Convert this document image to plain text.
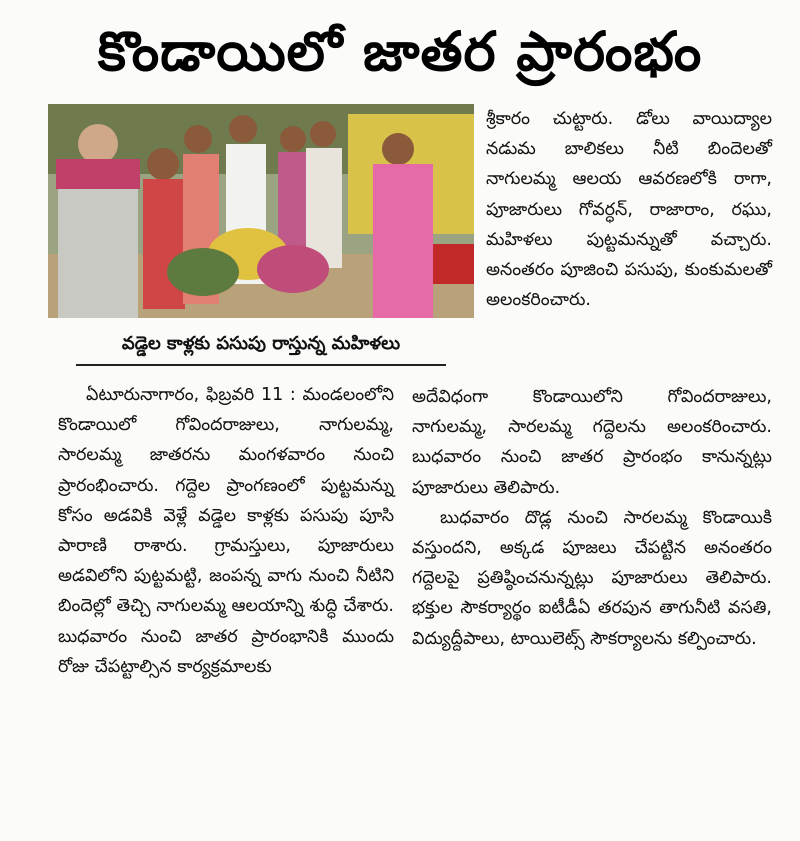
కొండాయిలో జాతర ప్రారంభం
వడ్డెల కాళ్లకు పసుపు రాస్తున్న మహిళలు

శ్రీకారం చుట్టారు. డోలు వాయిద్యాల నడుమ బాలికలు నీటి బిందెలతో నాగులమ్మ ఆలయ ఆవరణలోకి రాగా, పూజారులు గోవర్ధన్, రాజారాం, రఘు, మహిళలు పుట్టమన్నుతో వచ్చారు. అనంతరం పూజించి పసుపు, కుంకుమలతో అలంకరించారు.

ఏటూరునాగారం, ఫిబ్రవరి 11 : మండలంలోని కొండాయిలో గోవిందరాజులు, నాగులమ్మ, సారలమ్మ జాతరను మంగళవారం నుంచి ప్రారంభించారు. గద్దెల ప్రాంగణంలో పుట్టమన్ను కోసం అడవికి వెళ్లే వడ్డెల కాళ్లకు పసుపు పూసి పారాణి రాశారు. గ్రామస్తులు, పూజారులు అడవిలోని పుట్టమట్టి, జంపన్న వాగు నుంచి నీటిని బిందెల్లో తెచ్చి నాగులమ్మ ఆలయాన్ని శుద్ధి చేశారు. బుధవారం నుంచి జాతర ప్రారంభానికి ముందు రోజు చేపట్టాల్సిన కార్యక్రమాలకు

అదేవిధంగా కొండాయిలోని గోవిందరాజులు, నాగులమ్మ, సారలమ్మ గద్దెలను అలంకరించారు. బుధవారం నుంచి జాతర ప్రారంభం కానున్నట్లు పూజారులు తెలిపారు.

బుధవారం దొడ్ల నుంచి సారలమ్మ కొండాయికి వస్తుందని, అక్కడ పూజలు చేపట్టిన అనంతరం గద్దెలపై ప్రతిష్ఠించనున్నట్లు పూజారులు తెలిపారు. భక్తుల సౌకర్యార్థం ఐటీడీఏ తరపున తాగునీటి వసతి, విద్యుద్దీపాలు, టాయిలెట్స్ సౌకర్యాలను కల్పించారు.
